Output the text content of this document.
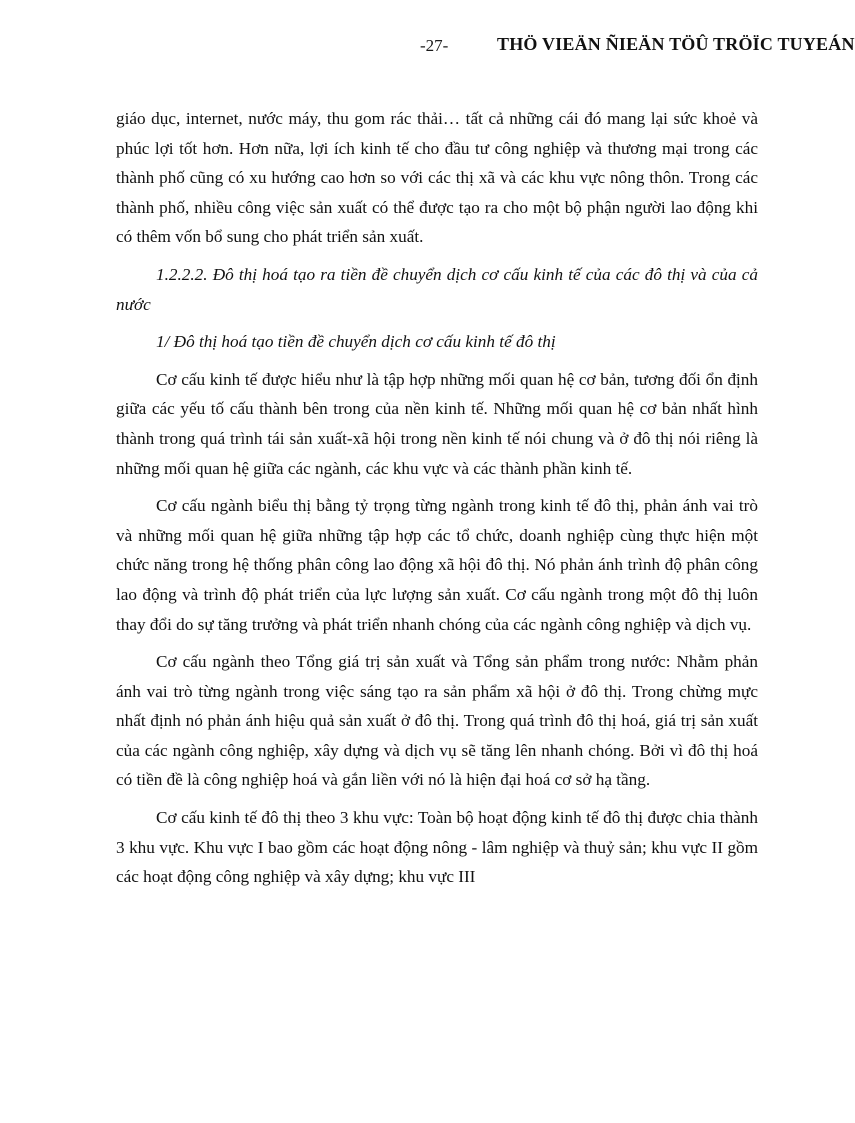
-27-	THÖ VIEÄN ÑIEÄN TÖÛ TRÖÏC TUYEÁN

giáo dục, internet, nước máy, thu gom rác thải… tất cả những cái đó mang lại sức khoẻ và phúc lợi tốt hơn. Hơn nữa, lợi ích kinh tế cho đầu tư công nghiệp và thương mại trong các thành phố cũng có xu hướng cao hơn so với các thị xã và các khu vực nông thôn. Trong các thành phố, nhiều công việc sản xuất có thể được tạo ra cho một bộ phận người lao động khi có thêm vốn bổ sung cho phát triển sản xuất.

1.2.2.2. Đô thị hoá tạo ra tiền đề chuyển dịch cơ cấu kinh tế của các đô thị và của cả nước

1/ Đô thị hoá tạo tiền đề chuyển dịch cơ cấu kinh tế đô thị

Cơ cấu kinh tế được hiểu như là tập hợp những mối quan hệ cơ bản, tương đối ổn định giữa các yếu tố cấu thành bên trong của nền kinh tế. Những mối quan hệ cơ bản nhất hình thành trong quá trình tái sản xuất-xã hội trong nền kinh tế nói chung và ở đô thị nói riêng là những mối quan hệ giữa các ngành, các khu vực và các thành phần kinh tế.

Cơ cấu ngành biểu thị bằng tỷ trọng từng ngành trong kinh tế đô thị, phản ánh vai trò và những mối quan hệ giữa những tập hợp các tổ chức, doanh nghiệp cùng thực hiện một chức năng trong hệ thống phân công lao động xã hội đô thị. Nó phản ánh trình độ phân công lao động và trình độ phát triển của lực lượng sản xuất. Cơ cấu ngành trong một đô thị luôn thay đổi do sự tăng trưởng và phát triển nhanh chóng của các ngành công nghiệp và dịch vụ.

Cơ cấu ngành theo Tổng giá trị sản xuất và Tổng sản phẩm trong nước: Nhằm phản ánh vai trò từng ngành trong việc sáng tạo ra sản phẩm xã hội ở đô thị. Trong chừng mực nhất định nó phản ánh hiệu quả sản xuất ở đô thị. Trong quá trình đô thị hoá, giá trị sản xuất của các ngành công nghiệp, xây dựng và dịch vụ sẽ tăng lên nhanh chóng. Bởi vì đô thị hoá có tiền đề là công nghiệp hoá và gắn liền với nó là hiện đại hoá cơ sở hạ tầng.

Cơ cấu kinh tế đô thị theo 3 khu vực: Toàn bộ hoạt động kinh tế đô thị được chia thành 3 khu vực. Khu vực I bao gồm các hoạt động nông - lâm nghiệp và thuỷ sản; khu vực II gồm các hoạt động công nghiệp và xây dựng; khu vực III
